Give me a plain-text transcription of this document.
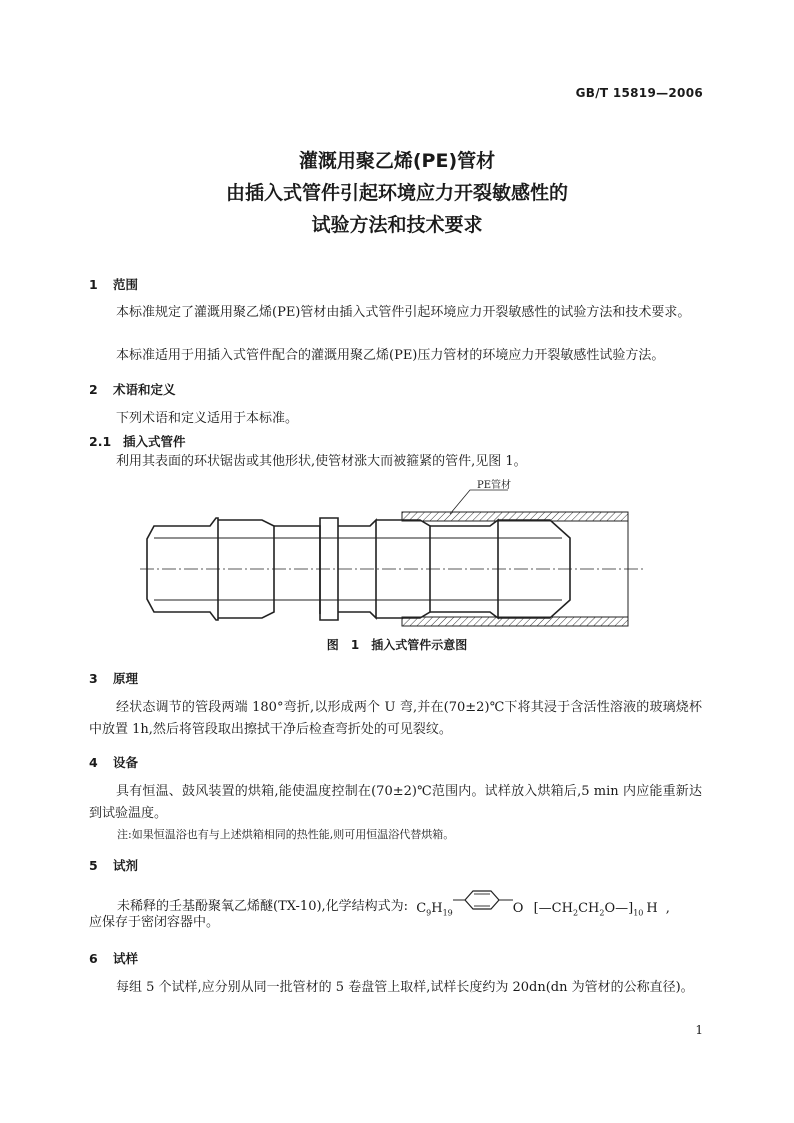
GB/T 15819—2006
灌溉用聚乙烯(PE)管材
由插入式管件引起环境应力开裂敏感性的
试验方法和技术要求
1 范围
本标准规定了灌溉用聚乙烯(PE)管材由插入式管件引起环境应力开裂敏感性的试验方法和技术要求。
本标准适用于用插入式管件配合的灌溉用聚乙烯(PE)压力管材的环境应力开裂敏感性试验方法。
2 术语和定义
下列术语和定义适用于本标准。
2.1 插入式管件
利用其表面的环状锯齿或其他形状,使管材涨大而被箍紧的管件,见图 1。
PE管材
图 1　插入式管件示意图
3 原理
经状态调节的管段两端 180°弯折,以形成两个 U 弯,并在(70±2)℃下将其浸于含活性溶液的玻璃烧杯中放置 1h,然后将管段取出擦拭干净后检查弯折处的可见裂纹。
4 设备
具有恒温、鼓风装置的烘箱,能使温度控制在(70±2)℃范围内。试样放入烘箱后,5 min 内应能重新达到试验温度。
注:如果恒温浴也有与上述烘箱相同的热性能,则可用恒温浴代替烘箱。
5 试剂
未稀释的壬基酚聚氧乙烯醚(TX-10),化学结构式为: $C_9H_{19}$	O $[—CH_2CH_2O—]_{10}$ H ,
应保存于密闭容器中。
6 试样
每组 5 个试样,应分别从同一批管材的 5 卷盘管上取样,试样长度约为 20dn(dn 为管材的公称直径)。
1
